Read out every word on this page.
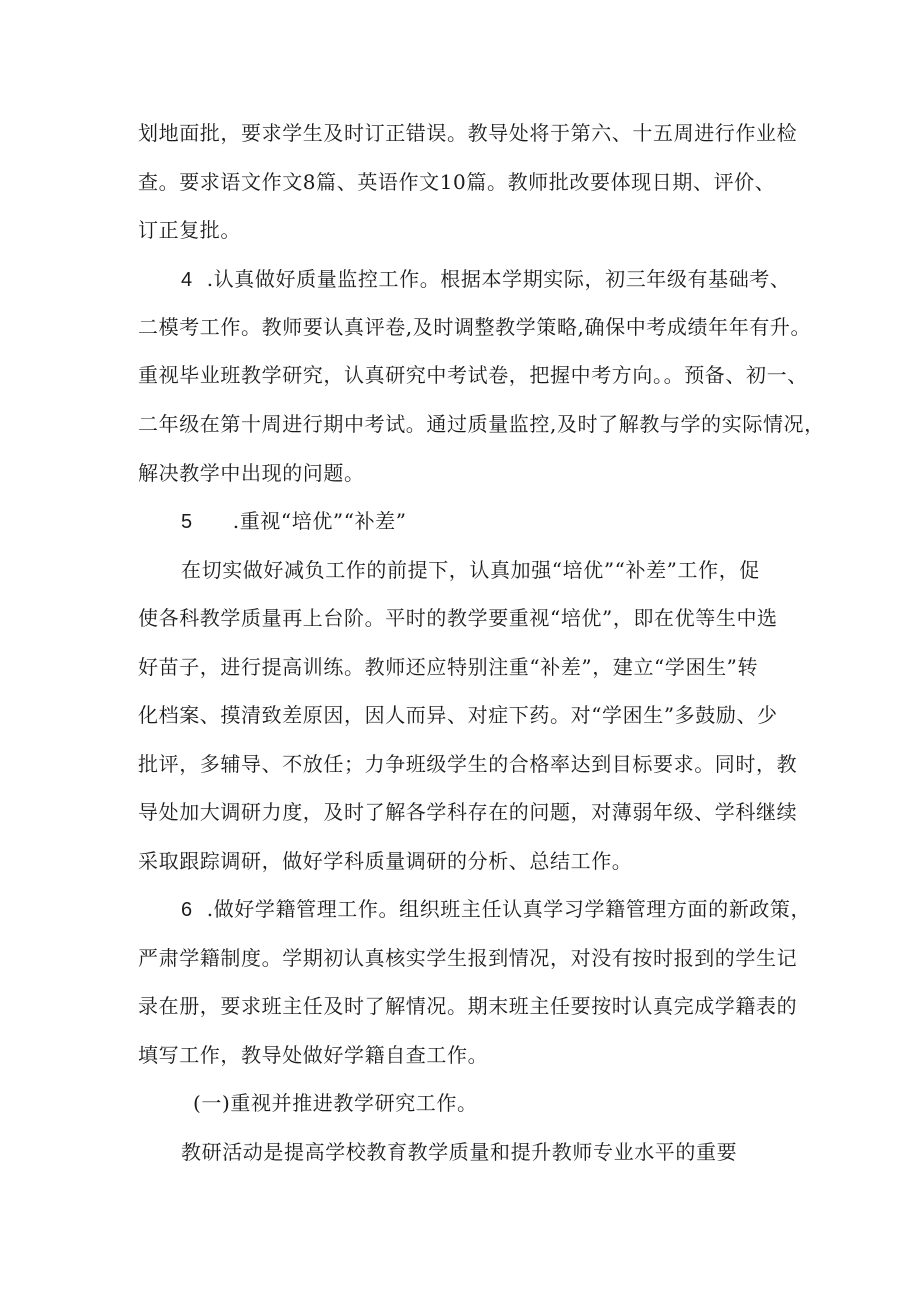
划地面批，要求学生及时订正错误。教导处将于第六、十五周进行作业检
查。要求语文作文8篇、英语作文10篇。教师批改要体现日期、评价、
订正复批。
4 .认真做好质量监控工作。根据本学期实际，初三年级有基础考、
二模考工作。教师要认真评卷,及时调整教学策略,确保中考成绩年年有升。
重视毕业班教学研究，认真研究中考试卷，把握中考方向。。预备、初一、
二年级在第十周进行期中考试。通过质量监控,及时了解教与学的实际情况，
解决教学中出现的问题。
5 .重视“培优”“补差”
在切实做好减负工作的前提下，认真加强“培优”“补差”工作，促
使各科教学质量再上台阶。平时的教学要重视“培优”，即在优等生中选
好苗子，进行提高训练。教师还应特别注重“补差”，建立“学困生”转
化档案、摸清致差原因，因人而异、对症下药。对“学困生”多鼓励、少
批评，多辅导、不放任；力争班级学生的合格率达到目标要求。同时，教
导处加大调研力度，及时了解各学科存在的问题，对薄弱年级、学科继续
采取跟踪调研，做好学科质量调研的分析、总结工作。
6 .做好学籍管理工作。组织班主任认真学习学籍管理方面的新政策，
严肃学籍制度。学期初认真核实学生报到情况，对没有按时报到的学生记
录在册，要求班主任及时了解情况。期末班主任要按时认真完成学籍表的
填写工作，教导处做好学籍自查工作。
(一)重视并推进教学研究工作。
教研活动是提高学校教育教学质量和提升教师专业水平的重要
